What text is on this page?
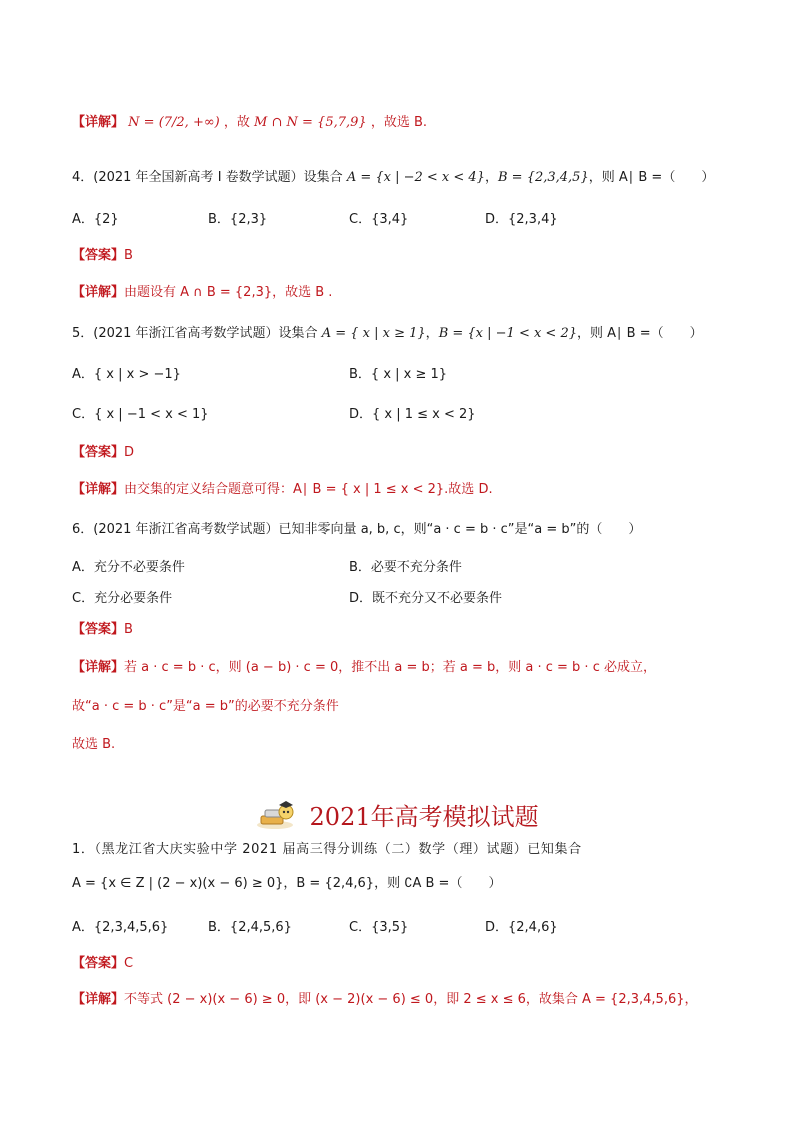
【详解】 N = (7/2, +∞) ，故 M ∩ N = {5,7,9} ，故选 B.
4．(2021 年全国新高考 I 卷数学试题）设集合 A = {x | −2 < x < 4}，B = {2,3,4,5}，则 A∣ B =（　　）
A．{2}	B．{2,3}	C．{3,4}	D．{2,3,4}
【答案】B
【详解】由题设有 A ∩ B = {2,3}，故选 B .
5．(2021 年浙江省高考数学试题）设集合 A = { x | x ≥ 1}，B = {x | −1 < x < 2}，则 A∣ B =（　　）
A．{ x | x > −1}	B．{ x | x ≥ 1}
C．{ x | −1 < x < 1}	D．{ x | 1 ≤ x < 2}
【答案】D
【详解】由交集的定义结合题意可得：A∣ B = { x | 1 ≤ x < 2}.故选 D.
6．(2021 年浙江省高考数学试题）已知非零向量 a, b, c，则“a · c = b · c”是“a = b”的（　　）
A．充分不必要条件	B．必要不充分条件
C．充分必要条件	D．既不充分又不必要条件
【答案】B
【详解】若 a · c = b · c，则 (a − b) · c = 0，推不出 a = b；若 a = b，则 a · c = b · c 必成立，
故“a · c = b · c”是“a = b”的必要不充分条件
故选 B.
2021年高考模拟试题
1．（黑龙江省大庆实验中学 2021 届高三得分训练（二）数学（理）试题）已知集合
A = {x ∈ Z | (2 − x)(x − 6) ≥ 0}，B = {2,4,6}，则 ∁A B =（　　）
A．{2,3,4,5,6}	B．{2,4,5,6}	C．{3,5}	D．{2,4,6}
【答案】C
【详解】不等式 (2 − x)(x − 6) ≥ 0，即 (x − 2)(x − 6) ≤ 0，即 2 ≤ x ≤ 6，故集合 A = {2,3,4,5,6}，
